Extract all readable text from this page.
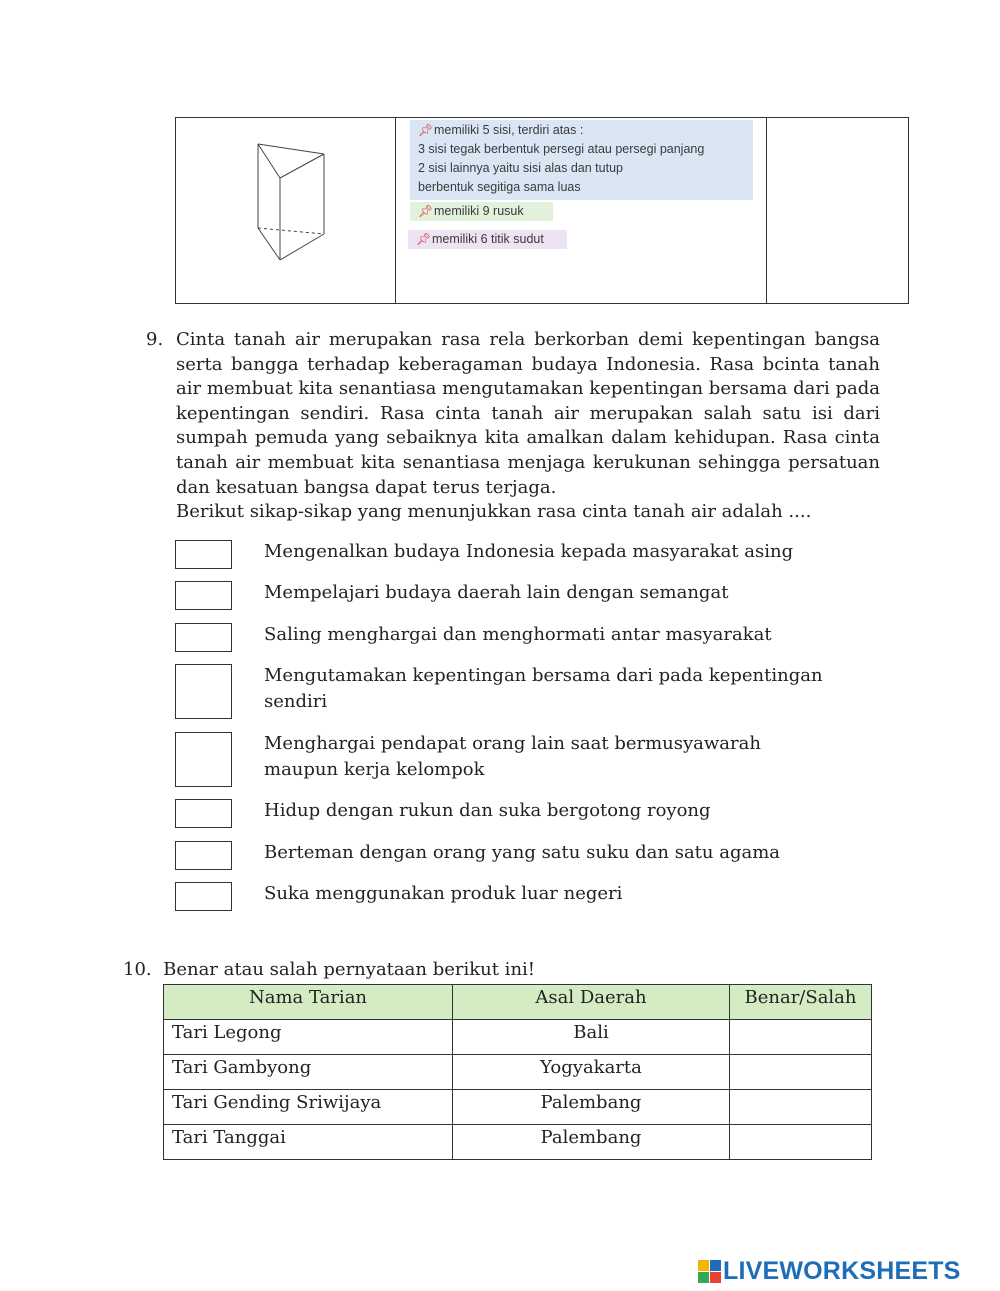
📌︎memiliki 5 sisi, terdiri atas :
3 sisi tegak berbentuk persegi atau persegi panjang
2 sisi lainnya yaitu sisi alas dan tutup
berbentuk segitiga sama luas
📌︎memiliki 9 rusuk
📌︎memiliki 6 titik sudut

9. Cinta tanah air merupakan rasa rela berkorban demi kepentingan bangsa serta bangga terhadap keberagaman budaya Indonesia. Rasa bcinta tanah air membuat kita senantiasa mengutamakan kepentingan bersama dari pada kepentingan sendiri. Rasa cinta tanah air merupakan salah satu isi dari sumpah pemuda yang sebaiknya kita amalkan dalam kehidupan. Rasa cinta tanah air membuat kita senantiasa menjaga kerukunan sehingga persatuan dan kesatuan bangsa dapat terus terjaga.

Berikut sikap-sikap yang menunjukkan rasa cinta tanah air adalah ....

Mengenalkan budaya Indonesia kepada masyarakat asing
Mempelajari budaya daerah lain dengan semangat
Saling menghargai dan menghormati antar masyarakat
Mengutamakan kepentingan bersama dari pada kepentingan sendiri
Menghargai pendapat orang lain saat bermusyawarah maupun kerja kelompok
Hidup dengan rukun dan suka bergotong royong
Berteman dengan orang yang satu suku dan satu agama
Suka menggunakan produk luar negeri
10. Benar atau salah pernyataan berikut ini!
Nama Tarian	Asal Daerah	Benar/Salah
Tari Legong	Bali	
Tari Gambyong	Yogyakarta	
Tari Gending Sriwijaya	Palembang	
Tari Tanggai	Palembang	
LIVEWORKSHEETS
